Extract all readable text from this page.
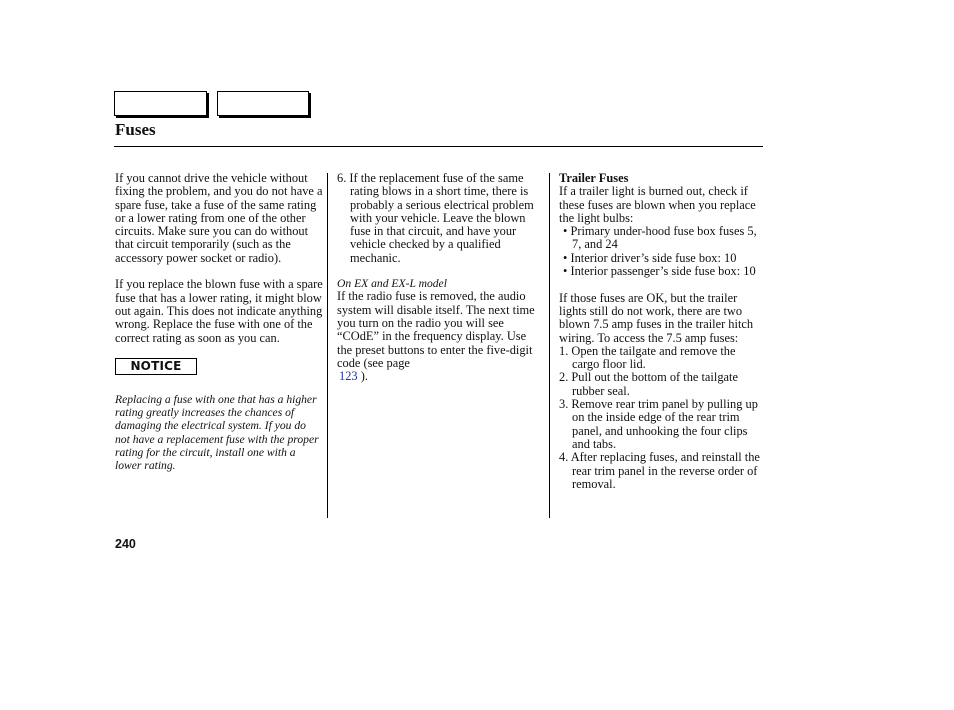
Fuses

If you cannot drive the vehicle without fixing the problem, and you do not have a spare fuse, take a fuse of the same rating or a lower rating from one of the other circuits. Make sure you can do without that circuit temporarily (such as the accessory power socket or radio).

If you replace the blown fuse with a spare fuse that has a lower rating, it might blow out again. This does not indicate anything wrong. Replace the fuse with one of the correct rating as soon as you can.

NOTICE

Replacing a fuse with one that has a higher rating greatly increases the chances of damaging the electrical system. If you do not have a replacement fuse with the proper rating for the circuit, install one with a lower rating.

6. If the replacement fuse of the same rating blows in a short time, there is probably a serious electrical problem with your vehicle. Leave the blown fuse in that circuit, and have your vehicle checked by a qualified mechanic.

On EX and EX-L model

If the radio fuse is removed, the audio system will disable itself. The next time you turn on the radio you will see “COdE” in the frequency display. Use the preset buttons to enter the five-digit code (see page
123 ).

Trailer Fuses

If a trailer light is burned out, check if these fuses are blown when you replace the light bulbs:

• Primary under-hood fuse box fuses 5, 7, and 24

• Interior driver’s side fuse box: 10

• Interior passenger’s side fuse box: 10

If those fuses are OK, but the trailer lights still do not work, there are two blown 7.5 amp fuses in the trailer hitch wiring. To access the 7.5 amp fuses:

1. Open the tailgate and remove the cargo floor lid.

2. Pull out the bottom of the tailgate rubber seal.

3. Remove rear trim panel by pulling up on the inside edge of the rear trim panel, and unhooking the four clips and tabs.

4. After replacing fuses, and reinstall the rear trim panel in the reverse order of removal.

240
